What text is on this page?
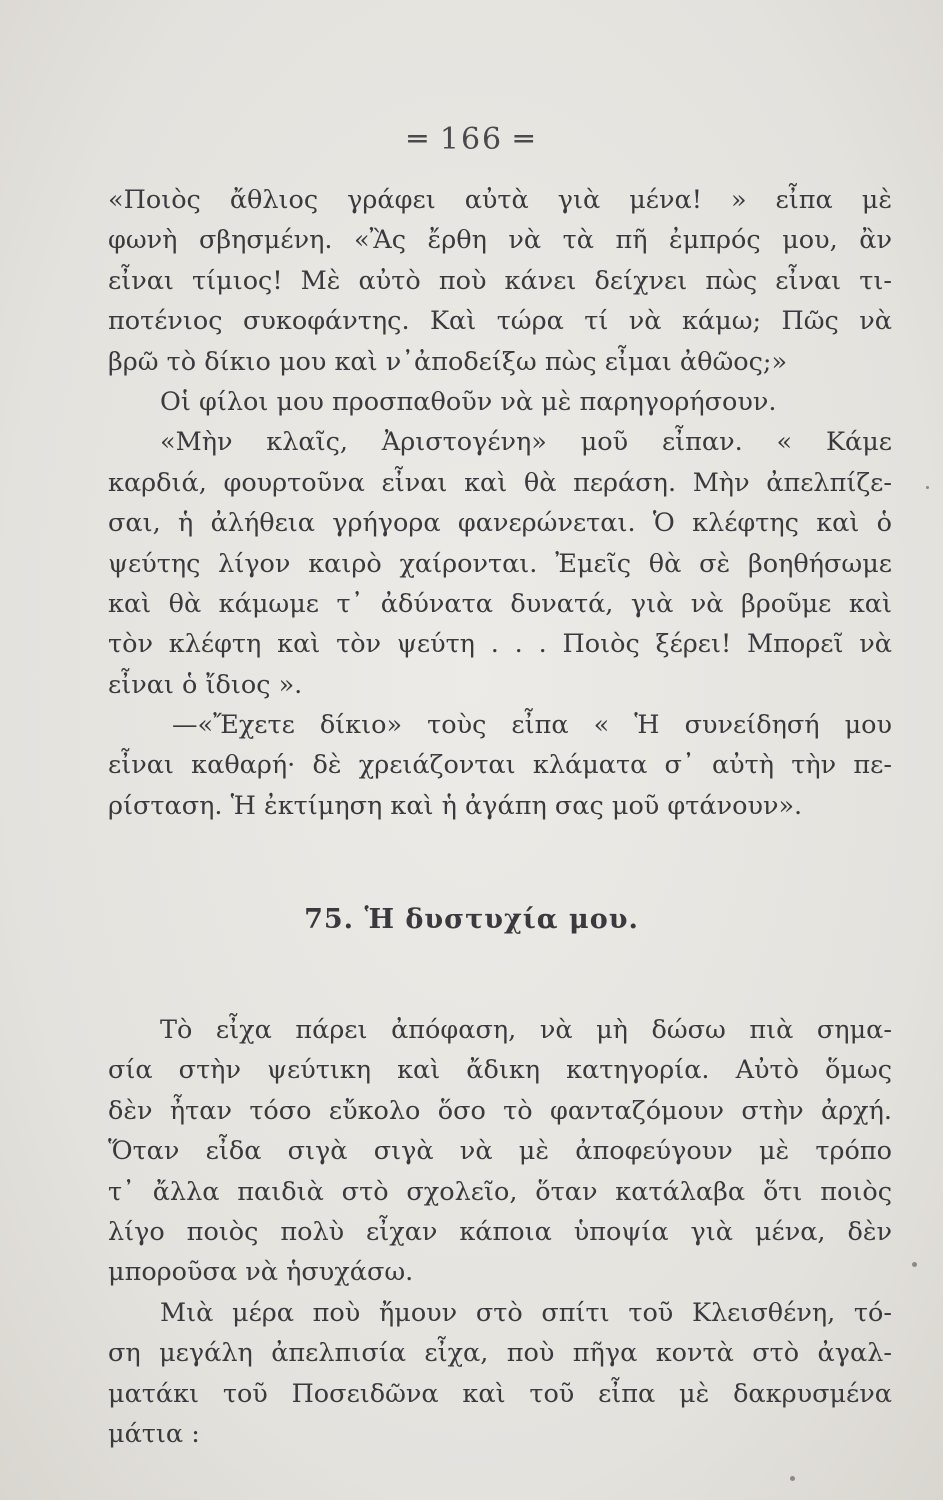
═ 166 ═
«Ποιὸς ἄθλιος γράφει αὐτὰ γιὰ μένα! » εἶπα μὲ
φωνὴ σβησμένη. «Ἂς ἔρθη νὰ τὰ πῆ ἐμπρός μου, ἂν
εἶναι τίμιος! Μὲ αὐτὸ ποὺ κάνει δείχνει πὼς εἶναι τι-
ποτένιος συκοφάντης. Καὶ τώρα τί νὰ κάμω; Πῶς νὰ
βρῶ τὸ δίκιο μου καὶ ν᾽ἀποδείξω πὼς εἶμαι ἀθῶος;»
Οἱ φίλοι μου προσπαθοῦν νὰ μὲ παρηγορήσουν.
«Μὴν κλαῖς, Ἀριστογένη» μοῦ εἶπαν. « Κάμε
καρδιά, φουρτοῦνα εἶναι καὶ θὰ περάση. Μὴν ἀπελπίζε-
σαι, ἡ ἀλήθεια γρήγορα φανερώνεται. Ὁ κλέφτης καὶ ὁ
ψεύτης λίγον καιρὸ χαίρονται. Ἐμεῖς θὰ σὲ βοηθήσωμε
καὶ θὰ κάμωμε τ᾽ ἀδύνατα δυνατά, γιὰ νὰ βροῦμε καὶ
τὸν κλέφτη καὶ τὸν ψεύτη . . . Ποιὸς ξέρει! Μπορεῖ νὰ
εἶναι ὁ ἴδιος ».
—«Ἔχετε δίκιο» τοὺς εἶπα « Ἡ συνείδησή μου
εἶναι καθαρή· δὲ χρειάζονται κλάματα σ᾽ αὐτὴ τὴν πε-
ρίσταση. Ἡ ἐκτίμηση καὶ ἡ ἀγάπη σας μοῦ φτάνουν».
75. Ἡ δυστυχία μου.
Τὸ εἶχα πάρει ἀπόφαση, νὰ μὴ δώσω πιὰ σημα-
σία στὴν ψεύτικη καὶ ἄδικη κατηγορία. Αὐτὸ ὅμως
δὲν ἦταν τόσο εὔκολο ὅσο τὸ φανταζόμουν στὴν ἀρχή.
Ὅταν εἶδα σιγὰ σιγὰ νὰ μὲ ἀποφεύγουν μὲ τρόπο
τ᾽ ἄλλα παιδιὰ στὸ σχολεῖο, ὅταν κατάλαβα ὅτι ποιὸς
λίγο ποιὸς πολὺ εἶχαν κάποια ὑποψία γιὰ μένα, δὲν
μποροῦσα νὰ ἡσυχάσω.
Μιὰ μέρα ποὺ ἤμουν στὸ σπίτι τοῦ Κλεισθένη, τό-
ση μεγάλη ἀπελπισία εἶχα, ποὺ πῆγα κοντὰ στὸ ἀγαλ-
ματάκι τοῦ Ποσειδῶνα καὶ τοῦ εἶπα μὲ δακρυσμένα
μάτια :
